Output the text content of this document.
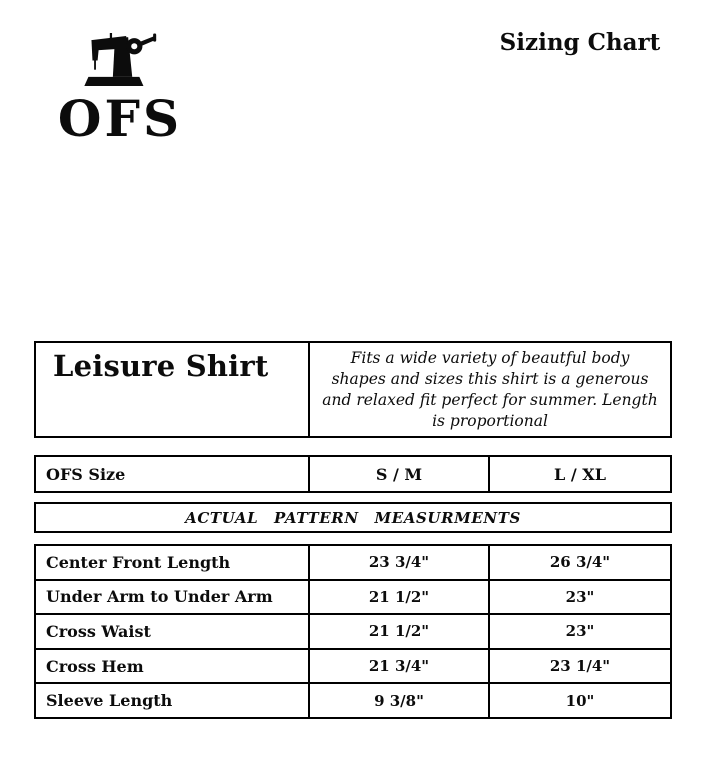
OFS
Sizing Chart
Leisure Shirt	Fits a wide variety of beautful body shapes and sizes this shirt is a generous and relaxed fit perfect for summer. Length is proportional
OFS Size	S / M	L / XL
ACTUAL PATTERN MEASURMENTS
Center Front Length	23 3/4"	26 3/4"
Under Arm to Under Arm	21 1/2"	23"
Cross Waist	21 1/2"	23"
Cross Hem	21 3/4"	23 1/4"
Sleeve Length	9 3/8"	10"
